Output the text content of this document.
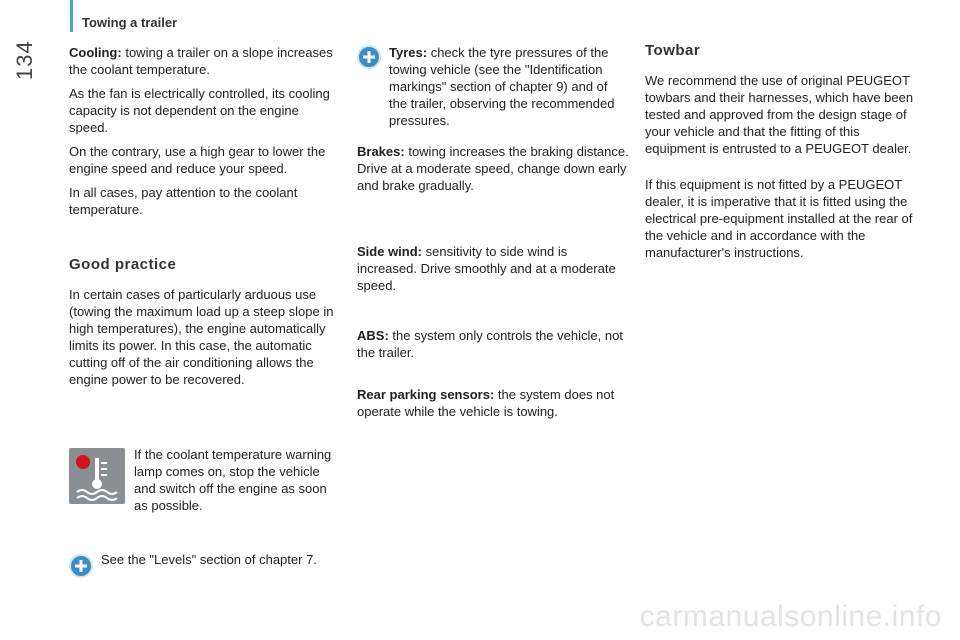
134
Towing a trailer

Cooling: towing a trailer on a slope increases the coolant temperature.

As the fan is electrically controlled, its cooling capacity is not dependent on the engine speed.

On the contrary, use a high gear to lower the engine speed and reduce your speed.

In all cases, pay attention to the coolant temperature.

Good practice
In certain cases of particularly arduous use (towing the maximum load up a steep slope in high temperatures), the engine automatically limits its power. In this case, the automatic cutting off of the air conditioning allows the engine power to be recovered.
If the coolant temperature warning lamp comes on, stop the vehicle and switch off the engine as soon as possible.
See the "Levels" section of chapter 7.
Tyres: check the tyre pressures of the towing vehicle (see the "Identification markings" section of chapter 9) and of the trailer, observing the recommended pressures.
Brakes: towing increases the braking distance. Drive at a moderate speed, change down early and brake gradually.
Side wind: sensitivity to side wind is increased. Drive smoothly and at a moderate speed.
ABS: the system only controls the vehicle, not the trailer.
Rear parking sensors: the system does not operate while the vehicle is towing.
Towbar
We recommend the use of original PEUGEOT towbars and their harnesses, which have been tested and approved from the design stage of your vehicle and that the fitting of this equipment is entrusted to a PEUGEOT dealer.
If this equipment is not fitted by a PEUGEOT dealer, it is imperative that it is fitted using the electrical pre-equipment installed at the rear of the vehicle and in accordance with the manufacturer's instructions.
carmanualsonline.info
